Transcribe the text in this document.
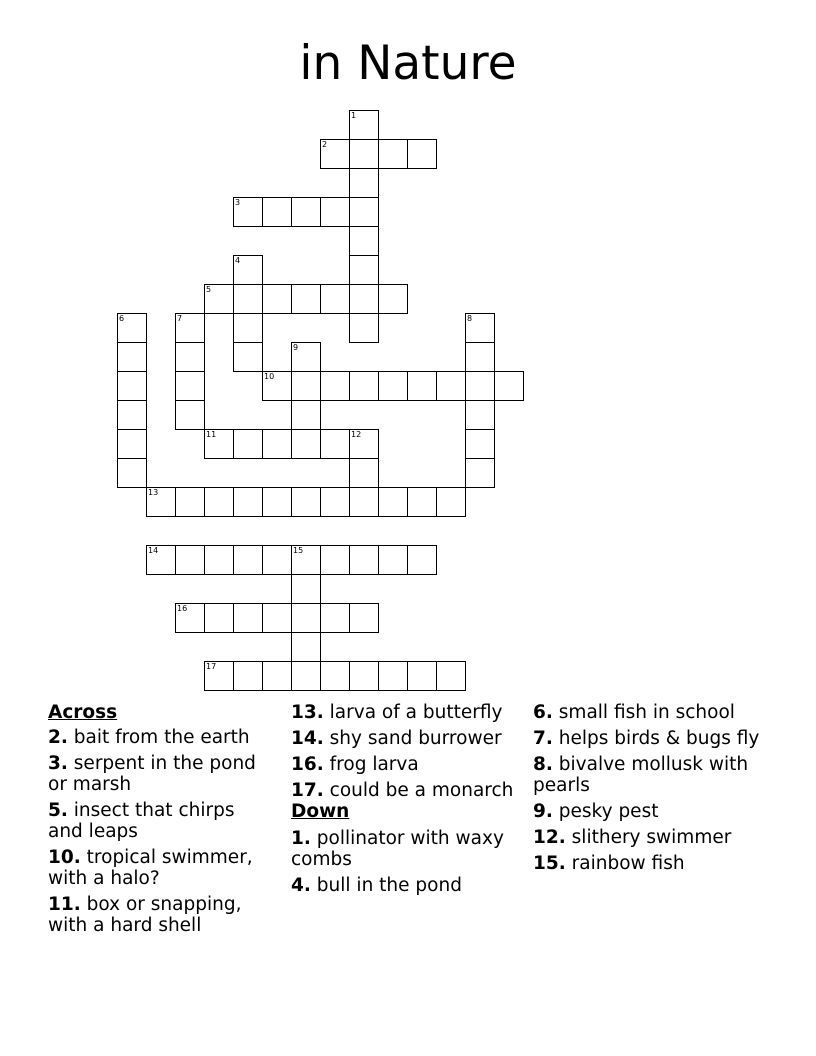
in Nature
1
2
3
4
5
6	7	8
9
10
11	12
13
14	15
16
17
Across
2. bait from the earth
3. serpent in the pond or marsh
5. insect that chirps and leaps
10. tropical swimmer, with a halo?
11. box or snapping, with a hard shell
13. larva of a butterfly
14. shy sand burrower
16. frog larva
17. could be a monarch
Down
1. pollinator with waxy combs
4. bull in the pond
6. small fish in school
7. helps birds & bugs fly
8. bivalve mollusk with pearls
9. pesky pest
12. slithery swimmer
15. rainbow fish
